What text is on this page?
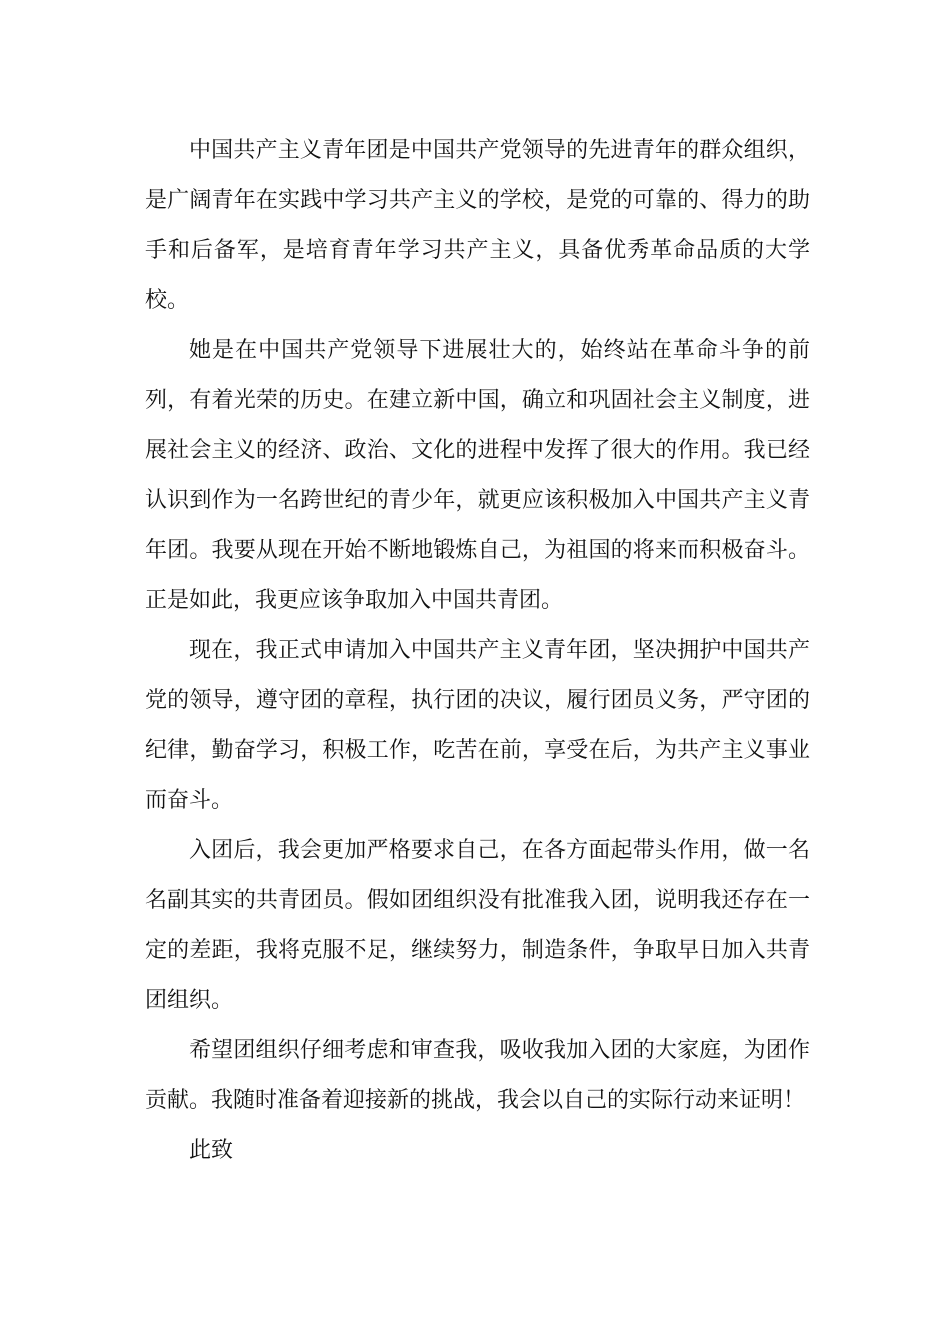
中国共产主义青年团是中国共产党领导的先进青年的群众组织，是广阔青年在实践中学习共产主义的学校，是党的可靠的、得力的助手和后备军，是培育青年学习共产主义，具备优秀革命品质的大学校。

她是在中国共产党领导下进展壮大的，始终站在革命斗争的前列，有着光荣的历史。在建立新中国，确立和巩固社会主义制度，进展社会主义的经济、政治、文化的进程中发挥了很大的作用。我已经认识到作为一名跨世纪的青少年，就更应该积极加入中国共产主义青年团。我要从现在开始不断地锻炼自己，为祖国的将来而积极奋斗。正是如此，我更应该争取加入中国共青团。

现在，我正式申请加入中国共产主义青年团，坚决拥护中国共产党的领导，遵守团的章程，执行团的决议，履行团员义务，严守团的纪律，勤奋学习，积极工作，吃苦在前，享受在后，为共产主义事业而奋斗。

入团后，我会更加严格要求自己，在各方面起带头作用，做一名名副其实的共青团员。假如团组织没有批准我入团，说明我还存在一定的差距，我将克服不足，继续努力，制造条件，争取早日加入共青团组织。

希望团组织仔细考虑和审查我，吸收我加入团的大家庭，为团作贡献。我随时准备着迎接新的挑战，我会以自己的实际行动来证明！

此致
